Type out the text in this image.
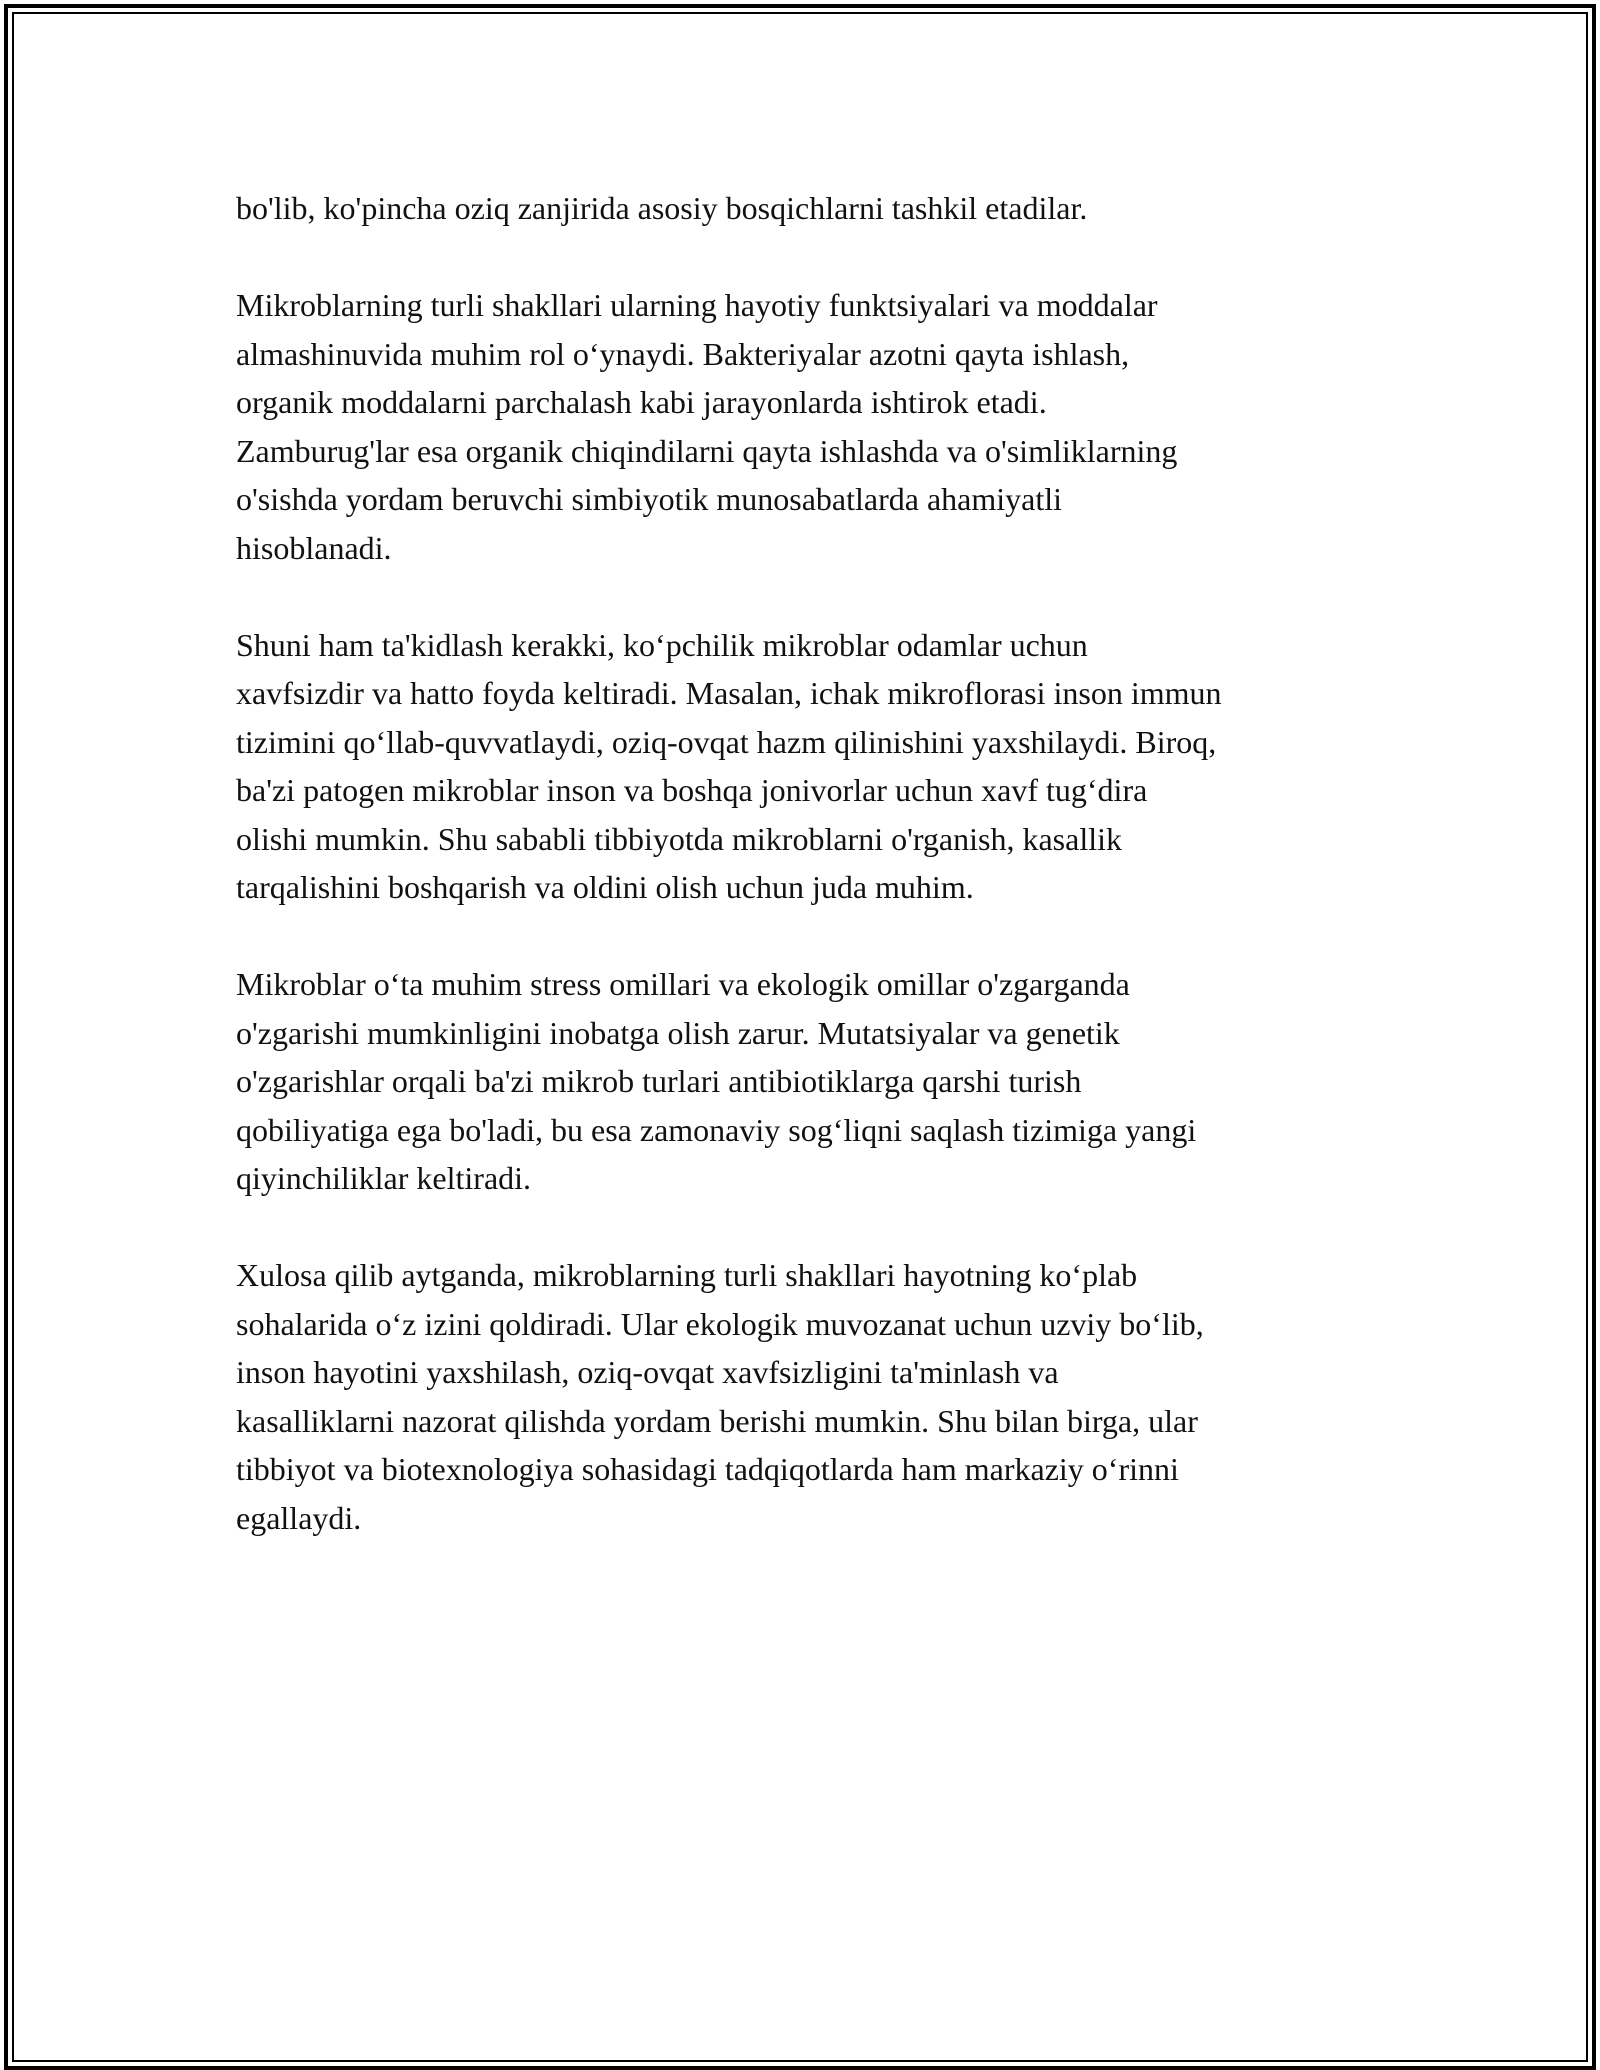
bo'lib, ko'pincha oziq zanjirida asosiy bosqichlarni tashkil etadilar.

Mikroblarning turli shakllari ularning hayotiy funktsiyalari va moddalar
almashinuvida muhim rol o‘ynaydi. Bakteriyalar azotni qayta ishlash,
organik moddalarni parchalash kabi jarayonlarda ishtirok etadi.
Zamburug'lar esa organik chiqindilarni qayta ishlashda va o'simliklarning
o'sishda yordam beruvchi simbiyotik munosabatlarda ahamiyatli
hisoblanadi.

Shuni ham ta'kidlash kerakki, ko‘pchilik mikroblar odamlar uchun
xavfsizdir va hatto foyda keltiradi. Masalan, ichak mikroflorasi inson immun
tizimini qo‘llab-quvvatlaydi, oziq-ovqat hazm qilinishini yaxshilaydi. Biroq,
ba'zi patogen mikroblar inson va boshqa jonivorlar uchun xavf tug‘dira
olishi mumkin. Shu sababli tibbiyotda mikroblarni o'rganish, kasallik
tarqalishini boshqarish va oldini olish uchun juda muhim.

Mikroblar o‘ta muhim stress omillari va ekologik omillar o'zgarganda
o'zgarishi mumkinligini inobatga olish zarur. Mutatsiyalar va genetik
o'zgarishlar orqali ba'zi mikrob turlari antibiotiklarga qarshi turish
qobiliyatiga ega bo'ladi, bu esa zamonaviy sog‘liqni saqlash tizimiga yangi
qiyinchiliklar keltiradi.

Xulosa qilib aytganda, mikroblarning turli shakllari hayotning ko‘plab
sohalarida o‘z izini qoldiradi. Ular ekologik muvozanat uchun uzviy bo‘lib,
inson hayotini yaxshilash, oziq-ovqat xavfsizligini ta'minlash va
kasalliklarni nazorat qilishda yordam berishi mumkin. Shu bilan birga, ular
tibbiyot va biotexnologiya sohasidagi tadqiqotlarda ham markaziy o‘rinni
egallaydi.
